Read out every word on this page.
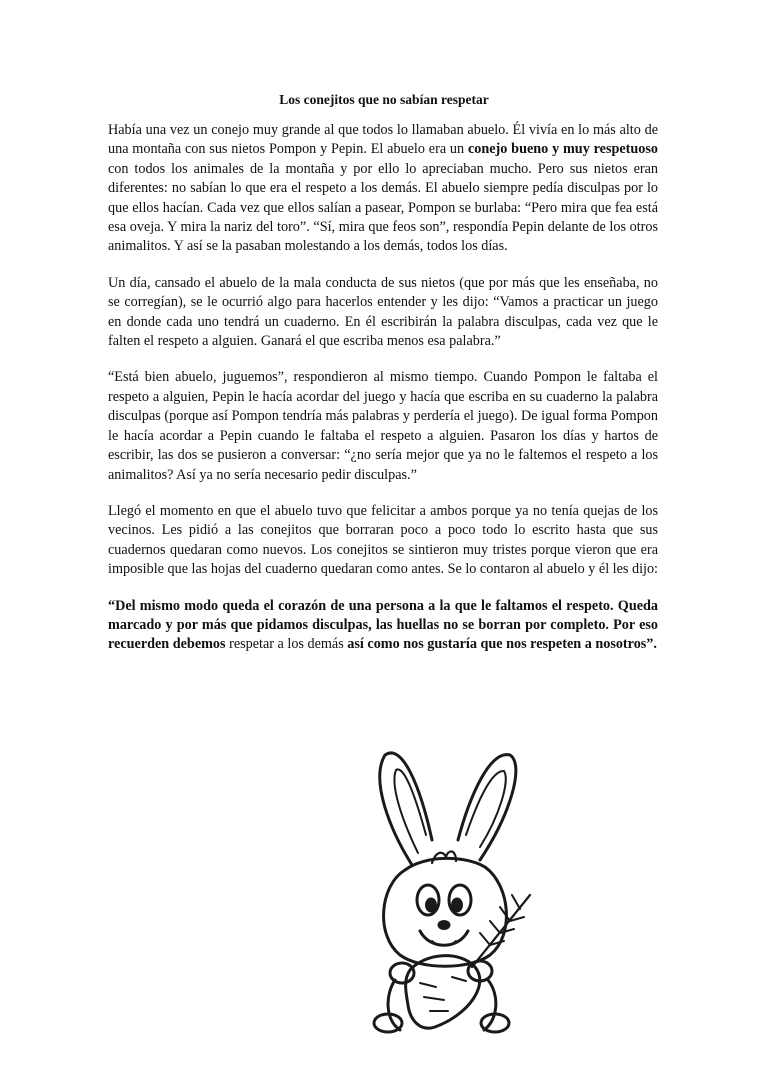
Los conejitos que no sabían respetar

Había una vez un conejo muy grande al que todos lo llamaban abuelo. Él vivía en lo más alto de una montaña con sus nietos Pompon y Pepin. El abuelo era un conejo bueno y muy respetuoso con todos los animales de la montaña y por ello lo apreciaban mucho. Pero sus nietos eran diferentes: no sabían lo que era el respeto a los demás. El abuelo siempre pedía disculpas por lo que ellos hacían. Cada vez que ellos salían a pasear, Pompon se burlaba: “Pero mira que fea está esa oveja. Y mira la nariz del toro”. “Sí, mira que feos son”, respondía Pepin delante de los otros animalitos. Y así se la pasaban molestando a los demás, todos los días.

Un día, cansado el abuelo de la mala conducta de sus nietos (que por más que les enseñaba, no se corregían), se le ocurrió algo para hacerlos entender y les dijo: “Vamos a practicar un juego en donde cada uno tendrá un cuaderno. En él escribirán la palabra disculpas, cada vez que le falten el respeto a alguien. Ganará el que escriba menos esa palabra.”

“Está bien abuelo, juguemos”, respondieron al mismo tiempo. Cuando Pompon le faltaba el respeto a alguien, Pepin le hacía acordar del juego y hacía que escriba en su cuaderno la palabra disculpas (porque así Pompon tendría más palabras y perdería el juego). De igual forma Pompon le hacía acordar a Pepin cuando le faltaba el respeto a alguien. Pasaron los días y hartos de escribir, las dos se pusieron a conversar: “¿no sería mejor que ya no le faltemos el respeto a los animalitos? Así ya no sería necesario pedir disculpas.”

Llegó el momento en que el abuelo tuvo que felicitar a ambos porque ya no tenía quejas de los vecinos. Les pidió a las conejitos que borraran poco a poco todo lo escrito hasta que sus cuadernos quedaran como nuevos. Los conejitos se sintieron muy tristes porque vieron que era imposible que las hojas del cuaderno quedaran como antes. Se lo contaron al abuelo y él les dijo:

“Del mismo modo queda el corazón de una persona a la que le faltamos el respeto. Queda marcado y por más que pidamos disculpas, las huellas no se borran por completo. Por eso recuerden debemos respetar a los demás así como nos gustaría que nos respeten a nosotros”.
